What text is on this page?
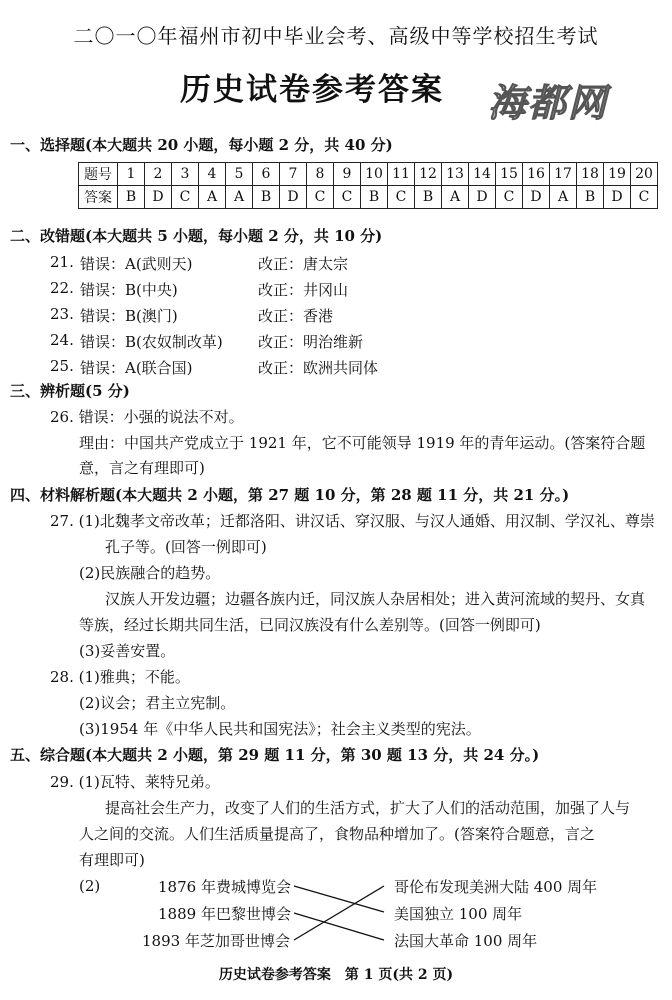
二〇一〇年福州市初中毕业会考、高级中等学校招生考试
历史试卷参考答案 海都网
一、选择题(本大题共 20 小题，每小题 2 分，共 40 分)
题号	1	2	3	4	5	6	7	8	9	10	11	12	13	14	15	16	17	18	19	20
答案	B	D	C	A	A	B	D	C	C	B	C	B	A	D	C	D	A	B	D	C
二、改错题(本大题共 5 小题，每小题 2 分，共 10 分)
21. 错误：A(武则天)	改正：唐太宗
22. 错误：B(中央)	改正：井冈山
23. 错误：B(澳门)	改正：香港
24. 错误：B(农奴制改革) 改正：明治维新
25. 错误：A(联合国)	改正：欧洲共同体
三、辨析题(5 分)
26. 错误：小强的说法不对。
理由：中国共产党成立于 1921 年，它不可能领导 1919 年的青年运动。(答案符合题
意，言之有理即可)
四、材料解析题(本大题共 2 小题，第 27 题 10 分，第 28 题 11 分，共 21 分。)
27. (1)北魏孝文帝改革；迁都洛阳、讲汉话、穿汉服、与汉人通婚、用汉制、学汉礼、尊崇
孔子等。(回答一例即可)
(2)民族融合的趋势。
汉族人开发边疆；边疆各族内迁，同汉族人杂居相处；进入黄河流域的契丹、女真
等族，经过长期共同生活，已同汉族没有什么差别等。(回答一例即可)
(3)妥善安置。
28. (1)雅典；不能。
(2)议会；君主立宪制。
(3)1954 年《中华人民共和国宪法》；社会主义类型的宪法。
五、综合题(本大题共 2 小题，第 29 题 11 分，第 30 题 13 分，共 24 分。)
29. (1)瓦特、莱特兄弟。
提高社会生产力，改变了人们的生活方式，扩大了人们的活动范围，加强了人与
人之间的交流。人们生活质量提高了，食物品种增加了。(答案符合题意，言之
有理即可)
(2)	1876 年费城博览会
1889 年巴黎世博会
1893 年芝加哥世博会
哥伦布发现美洲大陆 400 周年
美国独立 100 周年
法国大革命 100 周年
历史试卷参考答案　第 1 页(共 2 页)
